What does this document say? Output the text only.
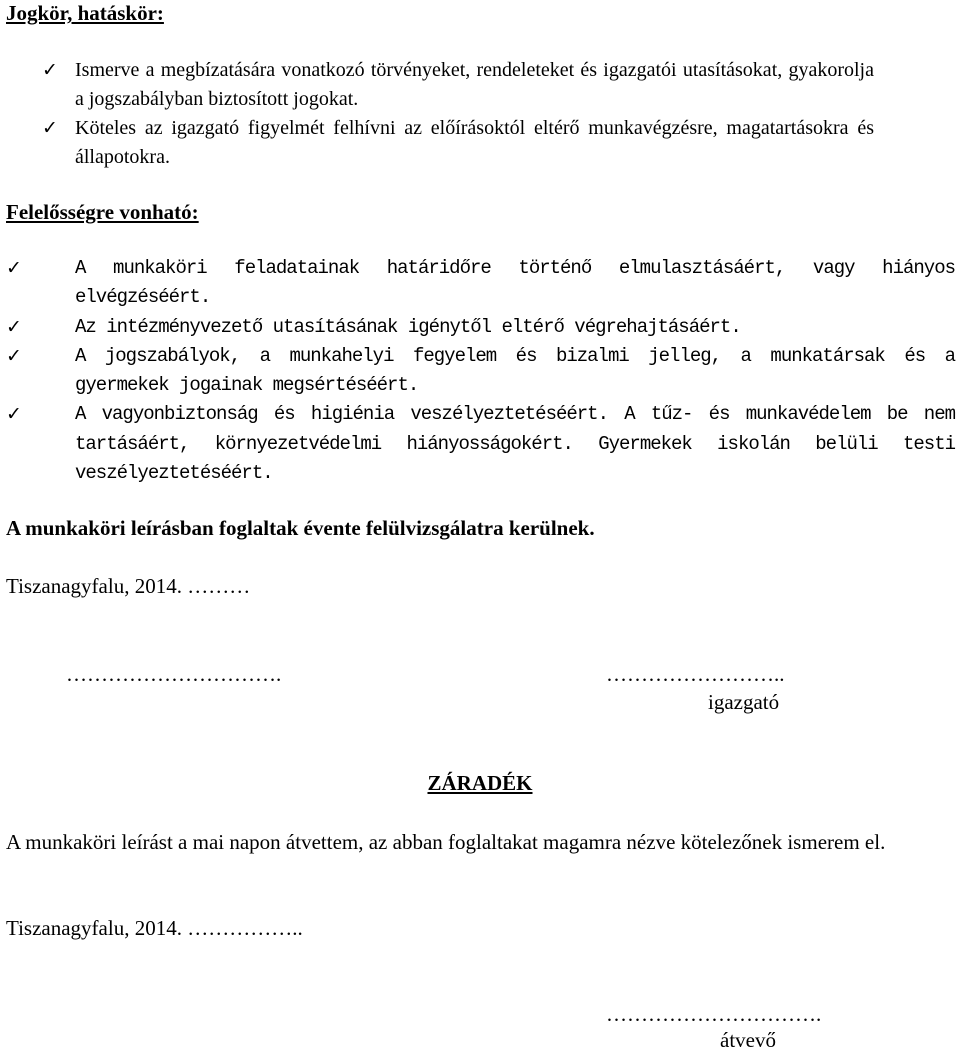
Jogkör, hatáskör:
✓ Ismerve a megbízatására vonatkozó törvényeket, rendeleteket és igazgatói utasításokat, gyakorolja a jogszabályban biztosított jogokat.
✓ Köteles az igazgató figyelmét felhívni az előírásoktól eltérő munkavégzésre, magatartásokra és állapotokra.
Felelősségre vonható:
✓	A munkaköri feladatainak határidőre történő elmulasztásáért, vagy hiányos elvégzéséért.
✓	Az intézményvezető utasításának igénytől eltérő végrehajtásáért.
✓	A jogszabályok, a munkahelyi fegyelem és bizalmi jelleg, a munkatársak és a gyermekek jogainak megsértéséért.
✓	A vagyonbiztonság és higiénia veszélyeztetéséért. A tűz- és munkavédelem be nem tartásáért, környezetvédelmi hiányosságokért. Gyermekek iskolán belüli testi veszélyeztetéséért.
A munkaköri leírásban foglaltak évente felülvizsgálatra kerülnek.
Tiszanagyfalu, 2014. ………
………………………….	……………………..
igazgató
ZÁRADÉK
A munkaköri leírást a mai napon átvettem, az abban foglaltakat magamra nézve kötelezőnek ismerem el.
Tiszanagyfalu, 2014. ……………..
………………………….
átvevő
